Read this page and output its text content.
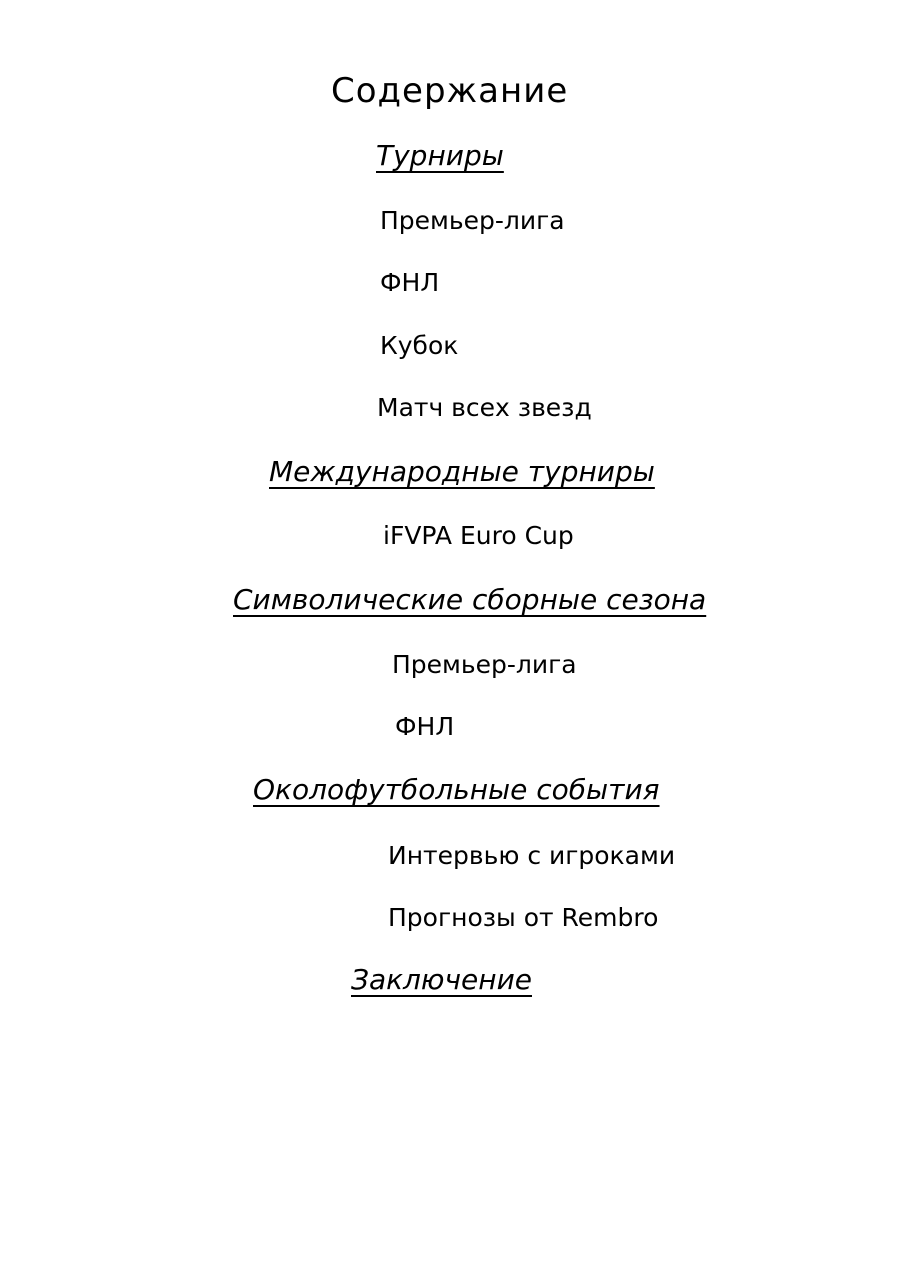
Содержание
Турниры
Премьер-лига
ФНЛ
Кубок
Матч всех звезд
Международные турниры
iFVPA Euro Cup
Символические сборные сезона
Премьер-лига
ФНЛ
Околофутбольные события
Интервью с игроками
Прогнозы от Rembro
Заключение
